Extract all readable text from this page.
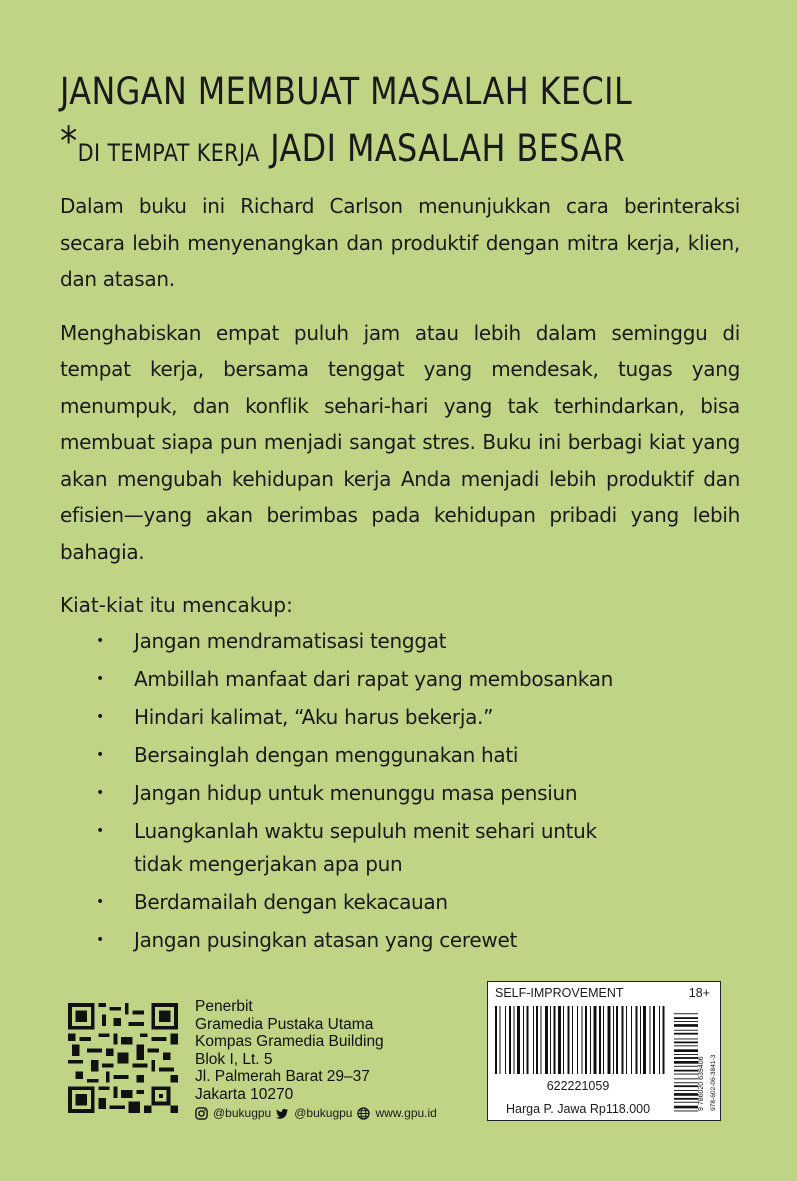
JANGAN MEMBUAT MASALAH KECIL
*DI TEMPAT KERJA JADI MASALAH BESAR

Dalam buku ini Richard Carlson menunjukkan cara berinteraksi secara lebih menyenangkan dan produktif dengan mitra kerja, klien, dan atasan.

Menghabiskan empat puluh jam atau lebih dalam seminggu di tempat kerja, bersama tenggat yang mendesak, tugas yang menumpuk, dan konflik sehari-hari yang tak terhindarkan, bisa membuat siapa pun menjadi sangat stres. Buku ini berbagi kiat yang akan mengubah kehidupan kerja Anda menjadi lebih produktif dan efisien—yang akan berimbas pada kehidupan pribadi yang lebih bahagia.

Kiat-kiat itu mencakup:

• Jangan mendramatisasi tenggat
• Ambillah manfaat dari rapat yang membosankan
• Hindari kalimat, “Aku harus bekerja.”
• Bersainglah dengan menggunakan hati
• Jangan hidup untuk menunggu masa pensiun
• Luangkanlah waktu sepuluh menit sehari untuk tidak mengerjakan apa pun
• Berdamailah dengan kekacauan
• Jangan pusingkan atasan yang cerewet
Penerbit
Gramedia Pustaka Utama
Kompas Gramedia Building
Blok I, Lt. 5
Jl. Palmerah Barat 29–37
Jakarta 10270
@bukugpu @bukugpu www.gpu.id
SELF-IMPROVEMENT	18+
622221059
Harga P. Jawa Rp118.000	9 786020 639406 978-602-06-3841-3
